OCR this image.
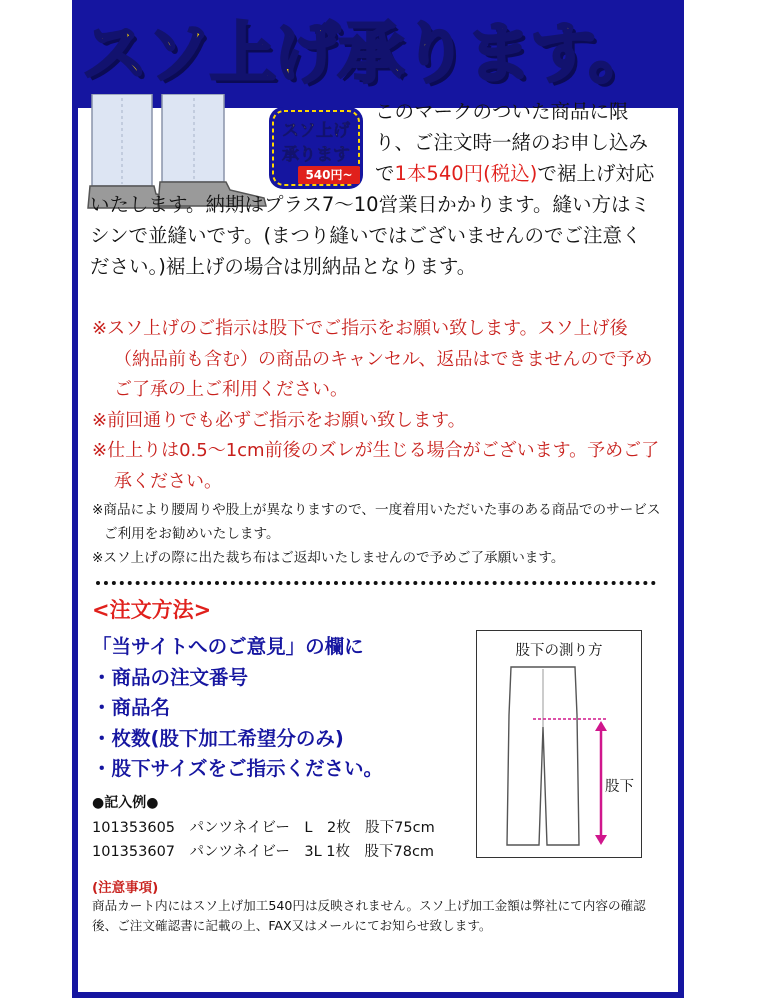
スソ上げ承ります。
スソ上げ
承ります
540円~
このマークのついた商品に限り、ご注文時一緒のお申し込みで1本540円(税込)で裾上げ対応いたします。納期はプラス7～10営業日かかります。縫い方はミシンで並縫いです。(まつり縫いではございませんのでご注意ください。)裾上げの場合は別納品となります。
※スソ上げのご指示は股下でご指示をお願い致します。スソ上げ後（納品前も含む）の商品のキャンセル、返品はできませんので予めご了承の上ご利用ください。
※前回通りでも必ずご指示をお願い致します。
※仕上りは0.5～1cm前後のズレが生じる場合がございます。予めご了承ください。
※商品により腰周りや股上が異なりますので、一度着用いただいた事のある商品でのサービスご利用をお勧めいたします。
※スソ上げの際に出た裁ち布はご返却いたしませんので予めご了承願います。
<注文方法>
「当サイトへのご意見」の欄に
・商品の注文番号
・商品名
・枚数(股下加工希望分のみ)
・股下サイズをご指示ください。
股下の測り方
股下
●記入例●
101353605　パンツネイビー　L　2枚　股下75cm
101353607　パンツネイビー　3L 1枚　股下78cm
(注意事項)
商品カート内にはスソ上げ加工540円は反映されません。スソ上げ加工金額は弊社にて内容の確認後、ご注文確認書に記載の上、FAX又はメールにてお知らせ致します。
